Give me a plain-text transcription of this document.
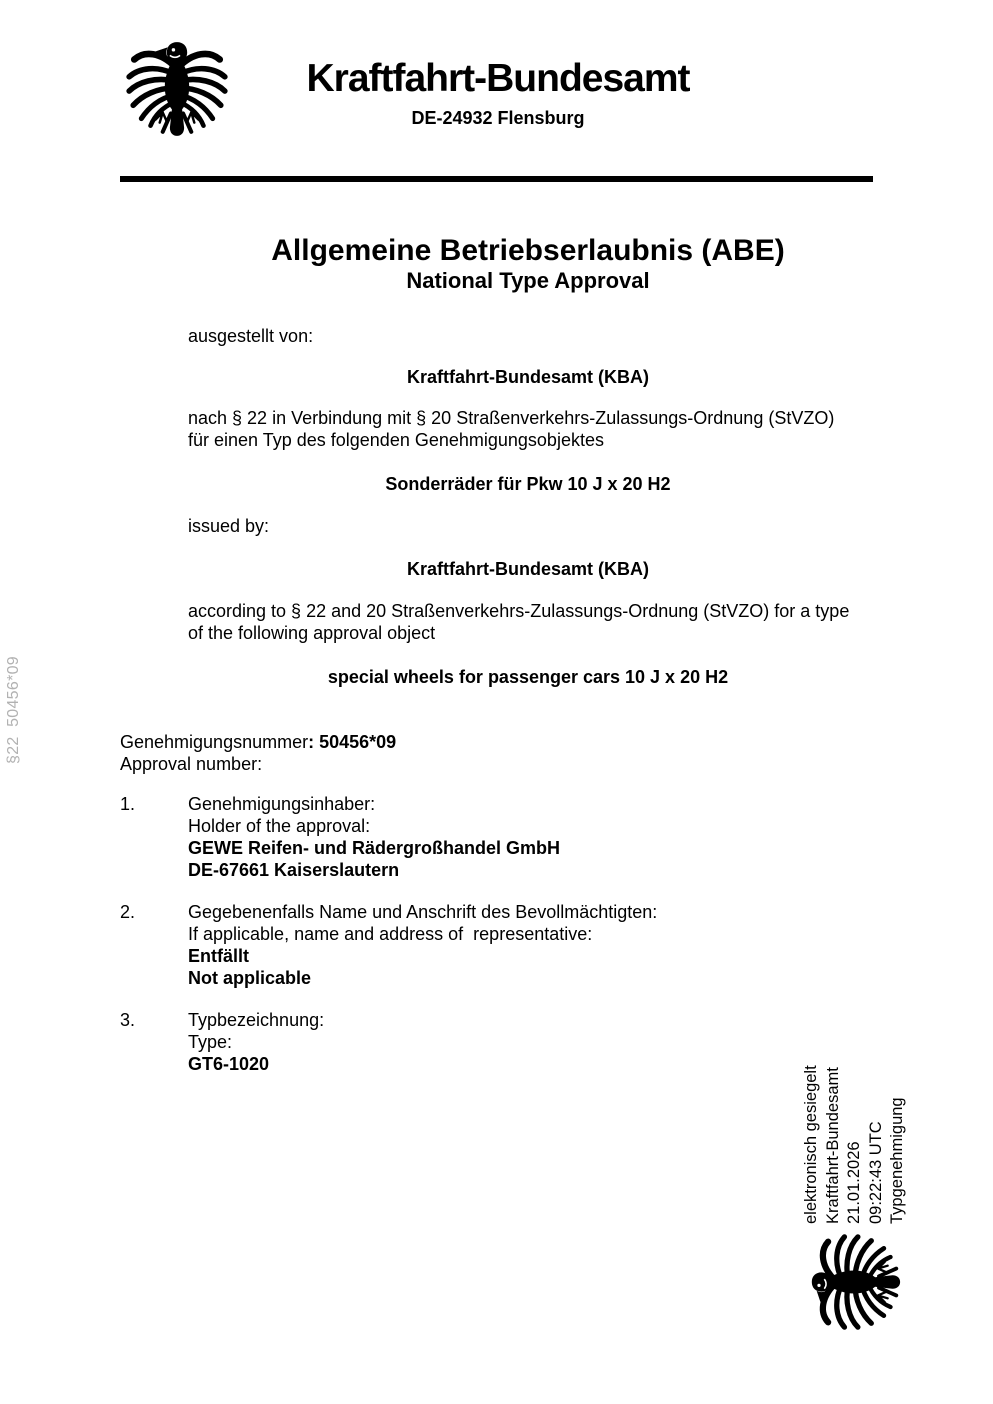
Kraftfahrt-Bundesamt
DE-24932 Flensburg
Allgemeine Betriebserlaubnis (ABE)
National Type Approval
ausgestellt von:
Kraftfahrt-Bundesamt (KBA)
nach § 22 in Verbindung mit § 20 Straßenverkehrs-Zulassungs-Ordnung (StVZO)
für einen Typ des folgenden Genehmigungsobjektes
Sonderräder für Pkw 10 J x 20 H2
issued by:
Kraftfahrt-Bundesamt (KBA)
according to § 22 and 20 Straßenverkehrs-Zulassungs-Ordnung (StVZO) for a type
of the following approval object
special wheels for passenger cars 10 J x 20 H2
Genehmigungsnummer: 50456*09
Approval number:
1.	Genehmigungsinhaber:
Holder of the approval:
GEWE Reifen- und Rädergroßhandel GmbH
DE-67661 Kaiserslautern
2.	Gegebenenfalls Name und Anschrift des Bevollmächtigten:
If applicable, name and address of  representative:
Entfällt
Not applicable
3.	Typbezeichnung:
Type:
GT6-1020
§22  50456*09
elektronisch gesiegelt Kraftfahrt-Bundesamt 21.01.2026 09:22:43 UTC Typgenehmigung
